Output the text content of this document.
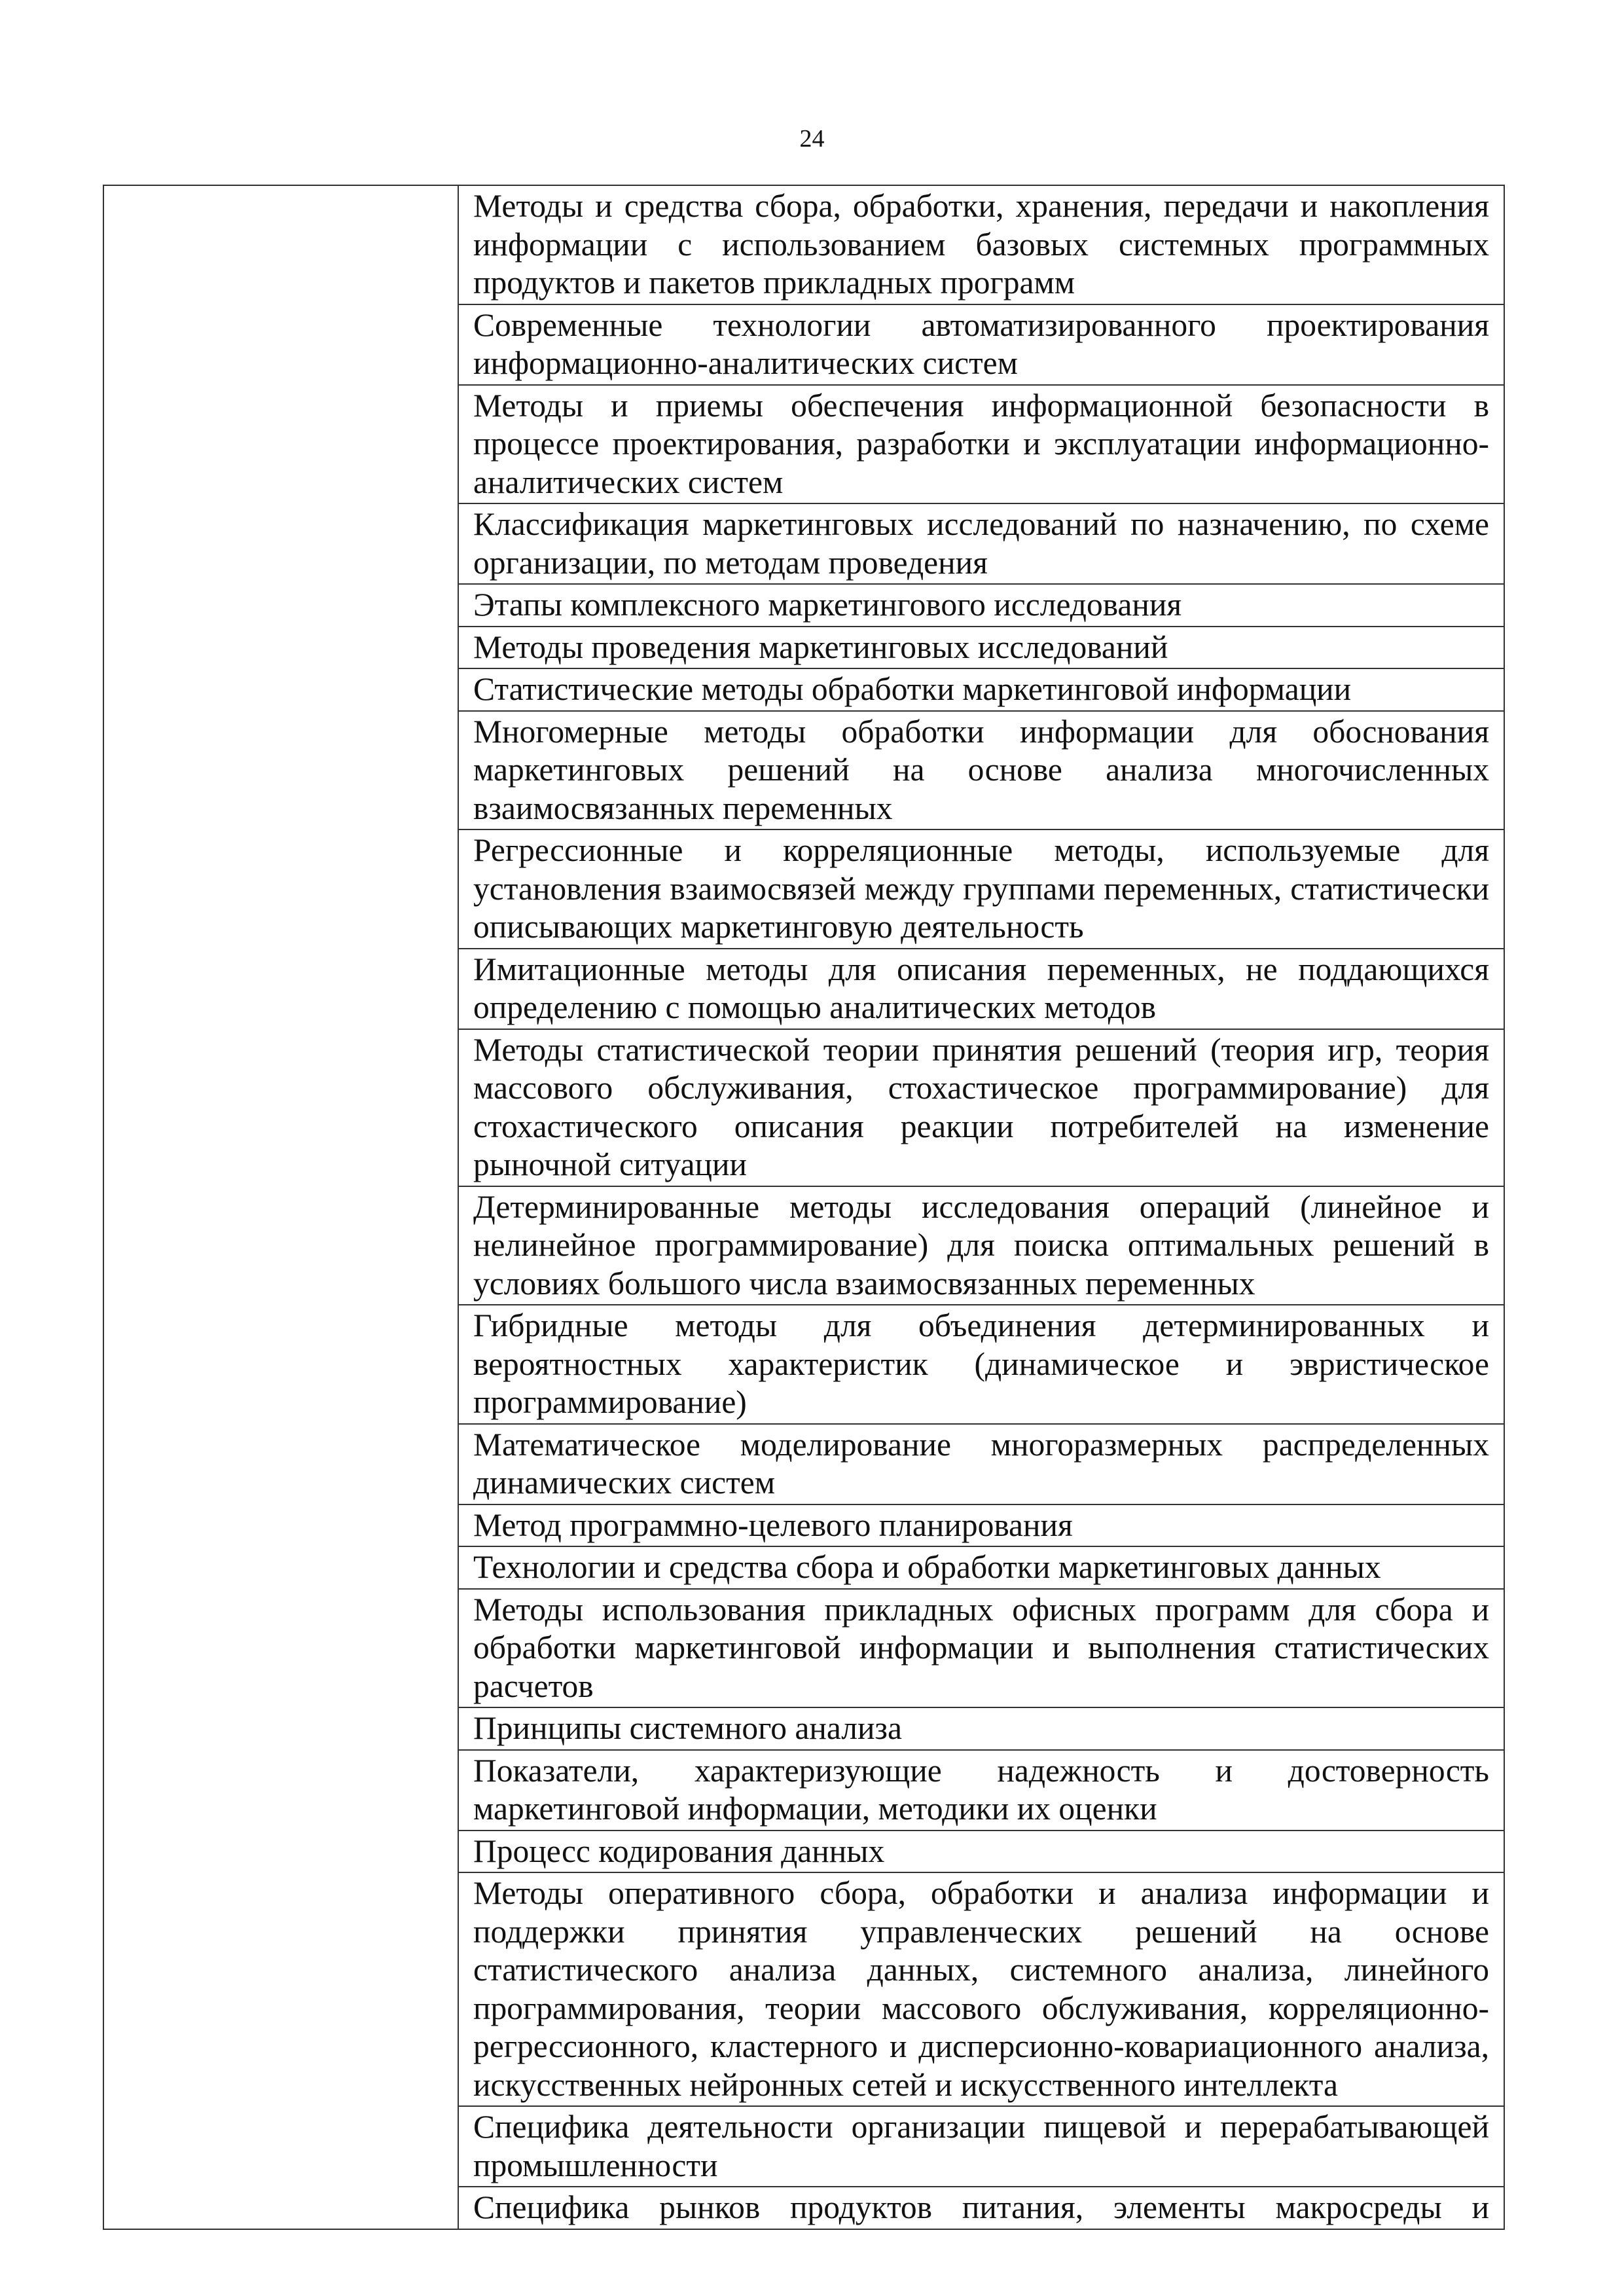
24
	Методы и средства сбора, обработки, хранения, передачи и накопления информации с использованием базовых системных программных продуктов и пакетов прикладных программ
Современные технологии автоматизированного проектирования информационно-аналитических систем
Методы и приемы обеспечения информационной безопасности в процессе проектирования, разработки и эксплуатации информационно-аналитических систем
Классификация маркетинговых исследований по назначению, по схеме организации, по методам проведения
Этапы комплексного маркетингового исследования
Методы проведения маркетинговых исследований
Статистические методы обработки маркетинговой информации
Многомерные методы обработки информации для обоснования маркетинговых решений на основе анализа многочисленных взаимосвязанных переменных
Регрессионные и корреляционные методы, используемые для установления взаимосвязей между группами переменных, статистически описывающих маркетинговую деятельность
Имитационные методы для описания переменных, не поддающихся определению с помощью аналитических методов
Методы статистической теории принятия решений (теория игр, теория массового обслуживания, стохастическое программирование) для стохастического описания реакции потребителей на изменение рыночной ситуации
Детерминированные методы исследования операций (линейное и нелинейное программирование) для поиска оптимальных решений в условиях большого числа взаимосвязанных переменных
Гибридные методы для объединения детерминированных и вероятностных характеристик (динамическое и эвристическое программирование)
Математическое моделирование многоразмерных распределенных динамических систем
Метод программно-целевого планирования
Технологии и средства сбора и обработки маркетинговых данных
Методы использования прикладных офисных программ для сбора и обработки маркетинговой информации и выполнения статистических расчетов
Принципы системного анализа
Показатели, характеризующие надежность и достоверность маркетинговой информации, методики их оценки
Процесс кодирования данных
Методы оперативного сбора, обработки и анализа информации и поддержки принятия управленческих решений на основе статистического анализа данных, системного анализа, линейного программирования, теории массового обслуживания, корреляционно-регрессионного, кластерного и дисперсионно-ковариационного анализа, искусственных нейронных сетей и искусственного интеллекта
Специфика деятельности организации пищевой и перерабатывающей промышленности
Специфика рынков продуктов питания, элементы макросреды и
